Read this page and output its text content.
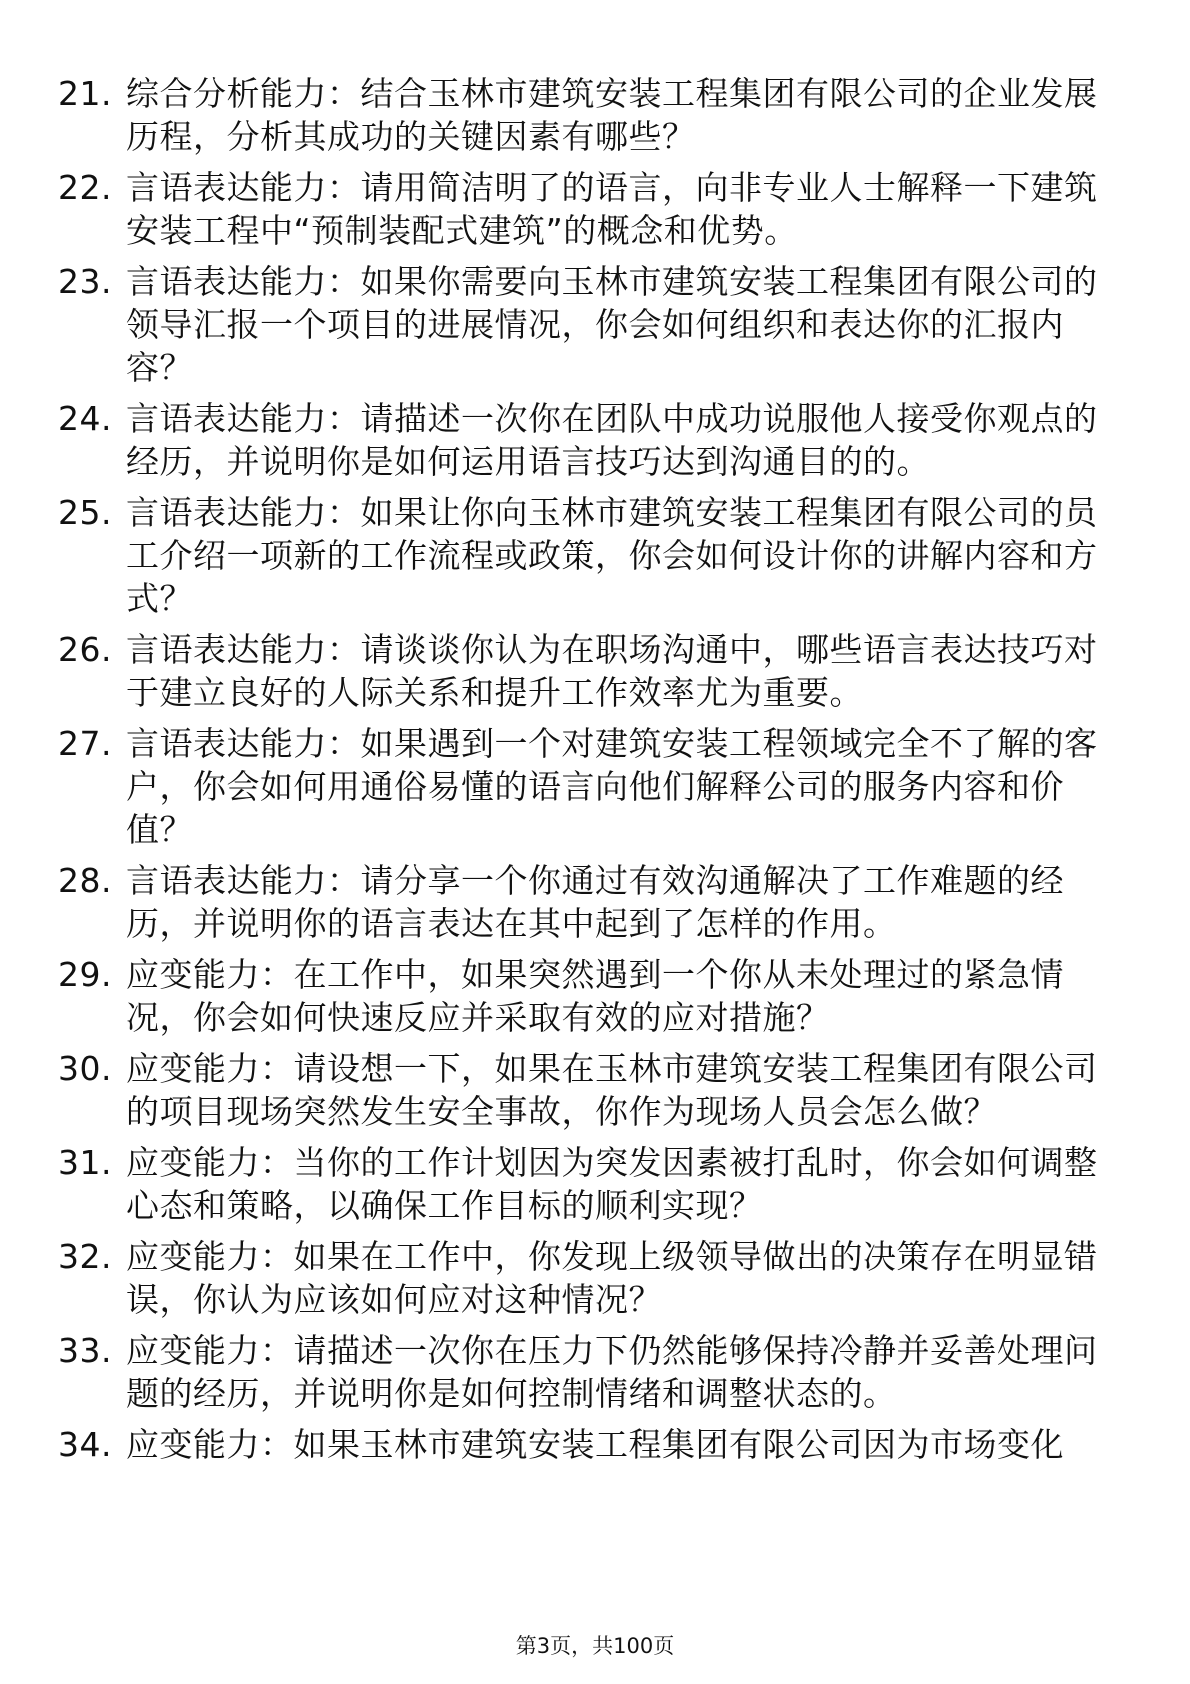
21. 综合分析能力：结合玉林市建筑安装工程集团有限公司的企业发展历程，分析其成功的关键因素有哪些？
22. 言语表达能力：请用简洁明了的语言，向非专业人士解释一下建筑安装工程中“预制装配式建筑”的概念和优势。
23. 言语表达能力：如果你需要向玉林市建筑安装工程集团有限公司的领导汇报一个项目的进展情况，你会如何组织和表达你的汇报内容？
24. 言语表达能力：请描述一次你在团队中成功说服他人接受你观点的经历，并说明你是如何运用语言技巧达到沟通目的的。
25. 言语表达能力：如果让你向玉林市建筑安装工程集团有限公司的员工介绍一项新的工作流程或政策，你会如何设计你的讲解内容和方式？
26. 言语表达能力：请谈谈你认为在职场沟通中，哪些语言表达技巧对于建立良好的人际关系和提升工作效率尤为重要。
27. 言语表达能力：如果遇到一个对建筑安装工程领域完全不了解的客户，你会如何用通俗易懂的语言向他们解释公司的服务内容和价值？
28. 言语表达能力：请分享一个你通过有效沟通解决了工作难题的经历，并说明你的语言表达在其中起到了怎样的作用。
29. 应变能力：在工作中，如果突然遇到一个你从未处理过的紧急情况，你会如何快速反应并采取有效的应对措施？
30. 应变能力：请设想一下，如果在玉林市建筑安装工程集团有限公司的项目现场突然发生安全事故，你作为现场人员会怎么做？
31. 应变能力：当你的工作计划因为突发因素被打乱时，你会如何调整心态和策略，以确保工作目标的顺利实现？
32. 应变能力：如果在工作中，你发现上级领导做出的决策存在明显错误，你认为应该如何应对这种情况？
33. 应变能力：请描述一次你在压力下仍然能够保持冷静并妥善处理问题的经历，并说明你是如何控制情绪和调整状态的。
34. 应变能力：如果玉林市建筑安装工程集团有限公司因为市场变化
第3页，共100页
